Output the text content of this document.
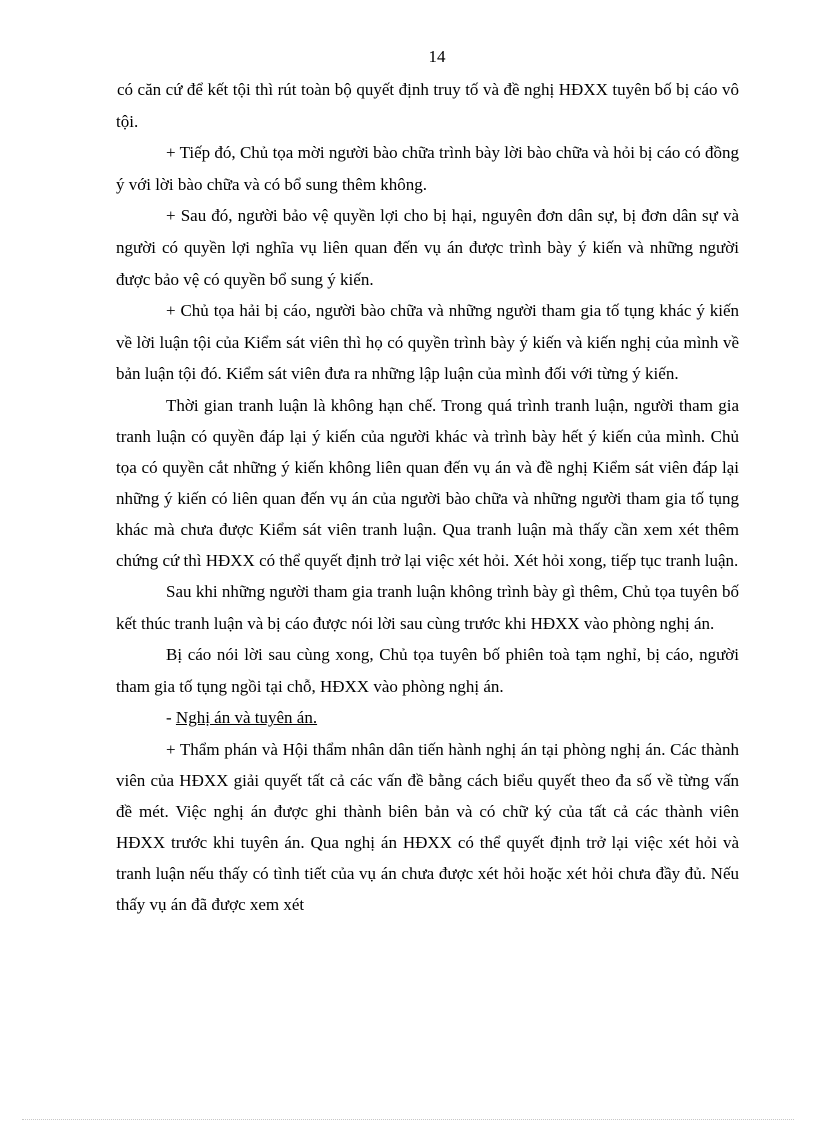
14

có căn cứ để kết tội thì rút toàn bộ quyết định truy tố và đề nghị HĐXX tuyên bố bị cáo vô tội.

+ Tiếp đó, Chủ tọa mời người bào chữa trình bày lời bào chữa và hỏi bị cáo có đồng ý với lời bào chữa và có bổ sung thêm không.

+ Sau đó, người bảo vệ quyền lợi cho bị hại, nguyên đơn dân sự, bị đơn dân sự và người có quyền lợi nghĩa vụ liên quan đến vụ án được trình bày ý kiến và những người được bảo vệ có quyền bổ sung ý kiến.

+ Chủ tọa hải bị cáo, người bào chữa và những người tham gia tố tụng khác ý kiến về lời luận tội của Kiểm sát viên thì họ có quyền trình bày ý kiến và kiến nghị của mình về bản luận tội đó. Kiểm sát viên đưa ra những lập luận của mình đối với từng ý kiến.

Thời gian tranh luận là không hạn chế. Trong quá trình tranh luận, người tham gia tranh luận có quyền đáp lại ý kiến của người khác và trình bày hết ý kiến của mình. Chủ tọa có quyền cắt những ý kiến không liên quan đến vụ án và đề nghị Kiểm sát viên đáp lại những ý kiến có liên quan đến vụ án của người bào chữa và những người tham gia tố tụng khác mà chưa được Kiểm sát viên tranh luận. Qua tranh luận mà thấy cần xem xét thêm chứng cứ thì HĐXX có thể quyết định trở lại việc xét hỏi. Xét hỏi xong, tiếp tục tranh luận.

Sau khi những người tham gia tranh luận không trình bày gì thêm, Chủ tọa tuyên bố kết thúc tranh luận và bị cáo được nói lời sau cùng trước khi HĐXX vào phòng nghị án.

Bị cáo nói lời sau cùng xong, Chủ tọa tuyên bố phiên toà tạm nghỉ, bị cáo, người tham gia tố tụng ngồi tại chỗ, HĐXX vào phòng nghị án.

- Nghị án và tuyên án.

+ Thẩm phán và Hội thẩm nhân dân tiến hành nghị án tại phòng nghị án. Các thành viên của HĐXX giải quyết tất cả các vấn đề bằng cách biểu quyết theo đa số về từng vấn đề mét. Việc nghị án được ghi thành biên bản và có chữ ký của tất cả các thành viên HĐXX trước khi tuyên án. Qua nghị án HĐXX có thể quyết định trở lại việc xét hỏi và tranh luận nếu thấy có tình tiết của vụ án chưa được xét hỏi hoặc xét hỏi chưa đầy đủ. Nếu thấy vụ án đã được xem xét
